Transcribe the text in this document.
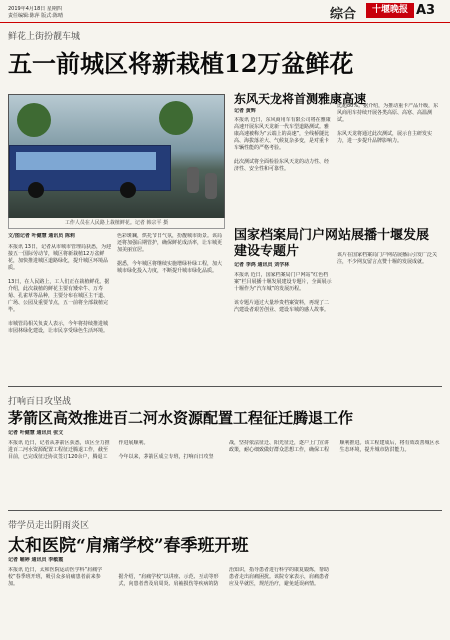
2019年4月18日 星期四
责任编辑:陈萍 版式:陈晴	综合	十堰晚报 A3
鲜花上街扮靓车城
五一前城区将新栽植12万盆鲜花
工作人员在人民路上栽植鲜花。记者 韩宗平 摄
文/图记者 叶健慧 通讯员 陈莉
本报讯 13日，记者从市城市管理局获悉，为迎接五一国际劳动节，城区将新栽植12万盆鲜花，加快推进城区道路绿化，提升城区环境品质。

13日，在人民路上，工人们正在栽植鲜花。据介绍，此次栽植的鲜花主要有矮牵牛、万寿菊、孔雀草等品种，主要分布在城区主干道、广场、公园及重要节点，五一前将全部栽植完毕。

市城管局相关负责人表示，今年将持续推进城市园林绿化建设，让市民享受绿色生活环境。
色彩斑斓，烘托节日气氛，扮靓城市街景。该局还将加强后期管护，确保鲜花成活率，让车城更加美丽宜居。

据悉，今年城区将继续实施增绿补绿工程，加大城市绿化投入力度，不断提升城市绿化品质。
东风天龙将首测雅康高速
记者 黄辉
本报讯 近日，东风商用车有限公司将在雅康高速开展东风天龙新一代车型道路测试。雅康高速被称为“云端上的高速”，全线桥隧比高、海拔落差大、气候复杂多变，是对重卡车辆性能的严格考验。

此次测试将全面检验东风天龙的动力性、经济性、安全性和可靠性。
比超80%。据介绍，为推动重卡产品升级，东风商用车持续开展各类高原、高寒、高温测试。

东风天龙将通过此次测试，展示自主研发实力，进一步提升品牌影响力。
国家档案局门户网站展播十堰发展建设专题片
记者 李鸿 通讯员 刘学林
本报讯 近日，国家档案局门户网站“红色档案”栏目展播十堰发展建设专题片，全面展示十堰作为“汽车城”的发展历程。

该专题片通过大量珍贵档案资料，再现了二汽建设者艰苦创业、建设车城的感人故事。
该片在国家档案局门户网站展播后引发广泛关注，不少网友留言点赞十堰的发展成就。
打响百日攻坚战
茅箭区高效推进百二河水资源配置工程征迁腾退工作
记者 叶健慧 通讯员 张文
本报讯 近日，记者从茅箭区获悉，该区全力推进百二河水资源配置工程征迁腾退工作，截至目前，已完成征迁协议签订120余户，腾退工作进展顺利。

今年以来，茅箭区成立专班，打响百日攻坚战，坚持依法征迁、阳光征迁，逐户上门宣讲政策，耐心细致做好群众思想工作，确保工程顺利推进。该工程建成后，将有效改善城区水生态环境，提升城市防洪能力。
带学员走出阴雨炎区
太和医院“肩痛学校”春季班开班
记者 喻婷 通讯员 李敏霞
本报讯 近日，太和医院运动医学科“肩痛学校”春季班开班，吸引众多肩痛患者前来参加。

据介绍，“肩痛学校”以讲座、示范、互动等形式，向患者普及肩周炎、肩袖损伤等疾病的防治知识，指导患者进行科学的康复锻炼，帮助患者走出肩痛困扰。该院专家表示，肩痛患者应及早就医，规范治疗，避免延误病情。
